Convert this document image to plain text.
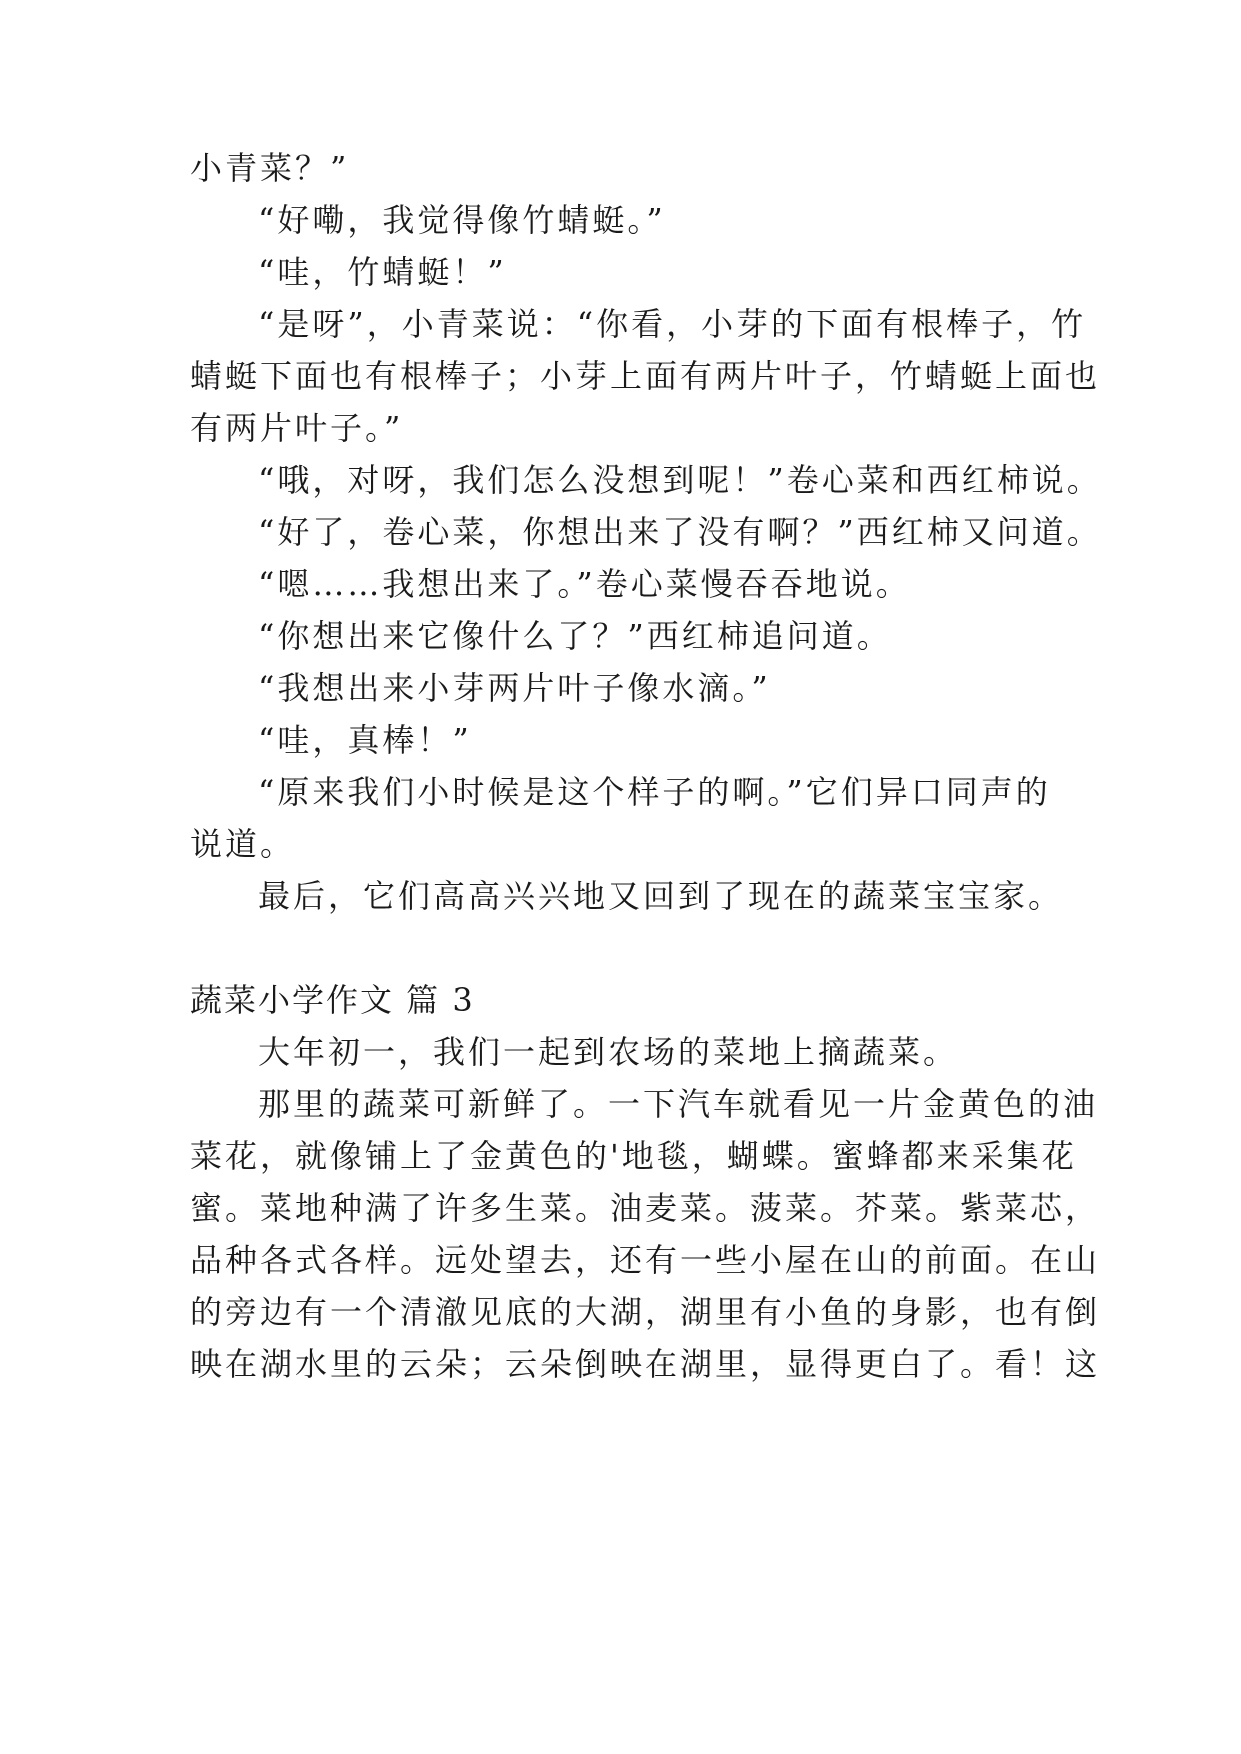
小青菜？”
“好嘞，我觉得像竹蜻蜓。”
“哇，竹蜻蜓！”
“是呀”，小青菜说：“你看，小芽的下面有根棒子，竹
蜻蜓下面也有根棒子；小芽上面有两片叶子，竹蜻蜓上面也
有两片叶子。”
“哦，对呀，我们怎么没想到呢！”卷心菜和西红柿说。
“好了，卷心菜，你想出来了没有啊？”西红柿又问道。
“嗯……我想出来了。”卷心菜慢吞吞地说。
“你想出来它像什么了？”西红柿追问道。
“我想出来小芽两片叶子像水滴。”
“哇，真棒！”
“原来我们小时候是这个样子的啊。”它们异口同声的
说道。
最后，它们高高兴兴地又回到了现在的蔬菜宝宝家。
蔬菜小学作文 篇 3
大年初一，我们一起到农场的菜地上摘蔬菜。
那里的蔬菜可新鲜了。一下汽车就看见一片金黄色的油
菜花，就像铺上了金黄色的'地毯，蝴蝶。蜜蜂都来采集花
蜜。菜地种满了许多生菜。油麦菜。菠菜。芥菜。紫菜芯，
品种各式各样。远处望去，还有一些小屋在山的前面。在山
的旁边有一个清澈见底的大湖，湖里有小鱼的身影，也有倒
映在湖水里的云朵；云朵倒映在湖里，显得更白了。看！这
